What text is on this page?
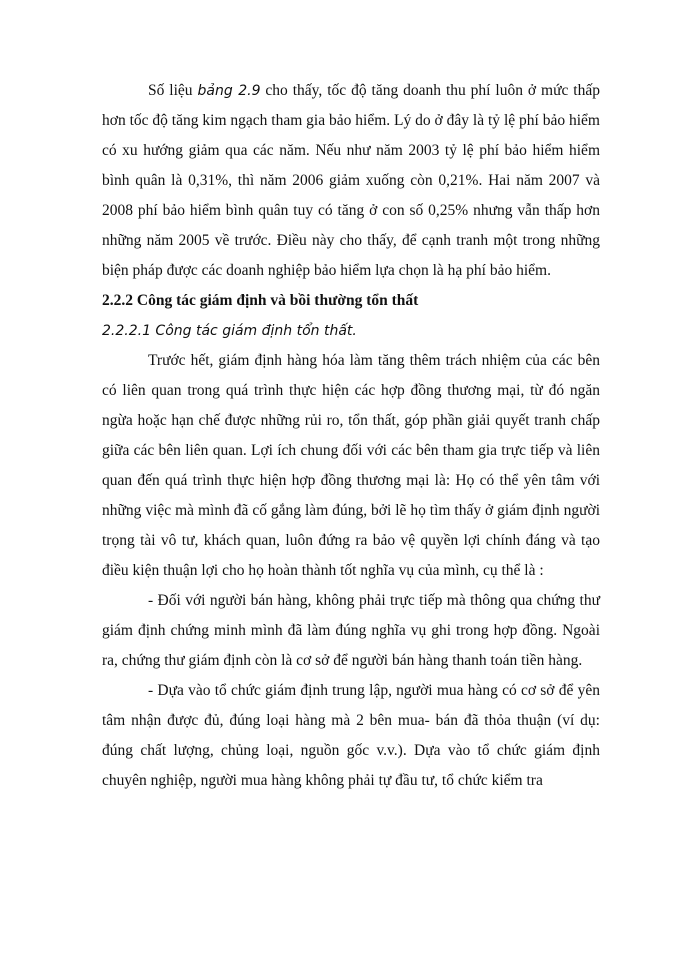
Số liệu bảng 2.9 cho thấy, tốc độ tăng doanh thu phí luôn ở mức thấp hơn tốc độ tăng kim ngạch tham gia bảo hiểm. Lý do ở đây là tỷ lệ phí bảo hiểm có xu hướng giảm qua các năm. Nếu như năm 2003 tỷ lệ phí bảo hiểm hiểm bình quân là 0,31%, thì năm 2006 giảm xuống còn 0,21%. Hai năm 2007 và 2008 phí bảo hiểm bình quân tuy có tăng ở con số 0,25% nhưng vẫn thấp hơn những năm 2005 về trước. Điều này cho thấy, để cạnh tranh một trong những biện pháp được các doanh nghiệp bảo hiểm lựa chọn là hạ phí bảo hiểm.

2.2.2 Công tác giám định và bồi thường tổn thất

2.2.2.1 Công tác giám định tổn thất.

Trước hết, giám định hàng hóa làm tăng thêm trách nhiệm của các bên có liên quan trong quá trình thực hiện các hợp đồng thương mại, từ đó ngăn ngừa hoặc hạn chế được những rủi ro, tổn thất, góp phần giải quyết tranh chấp giữa các bên liên quan. Lợi ích chung đối với các bên tham gia trực tiếp và liên quan đến quá trình thực hiện hợp đồng thương mại là: Họ có thể yên tâm với những việc mà mình đã cố gắng làm đúng, bởi lẽ họ tìm thấy ở giám định người trọng tài vô tư, khách quan, luôn đứng ra bảo vệ quyền lợi chính đáng và tạo điều kiện thuận lợi cho họ hoàn thành tốt nghĩa vụ của mình, cụ thể là :

- Đối với người bán hàng, không phải trực tiếp mà thông qua chứng thư giám định chứng minh mình đã làm đúng nghĩa vụ ghi trong hợp đồng. Ngoài ra, chứng thư giám định còn là cơ sở để người bán hàng thanh toán tiền hàng.

- Dựa vào tổ chức giám định trung lập, người mua hàng có cơ sở để yên tâm nhận được đủ, đúng loại hàng mà 2 bên mua- bán đã thỏa thuận (ví dụ: đúng chất lượng, chủng loại, nguồn gốc v.v.). Dựa vào tổ chức giám định chuyên nghiệp, người mua hàng không phải tự đầu tư, tổ chức kiểm tra
